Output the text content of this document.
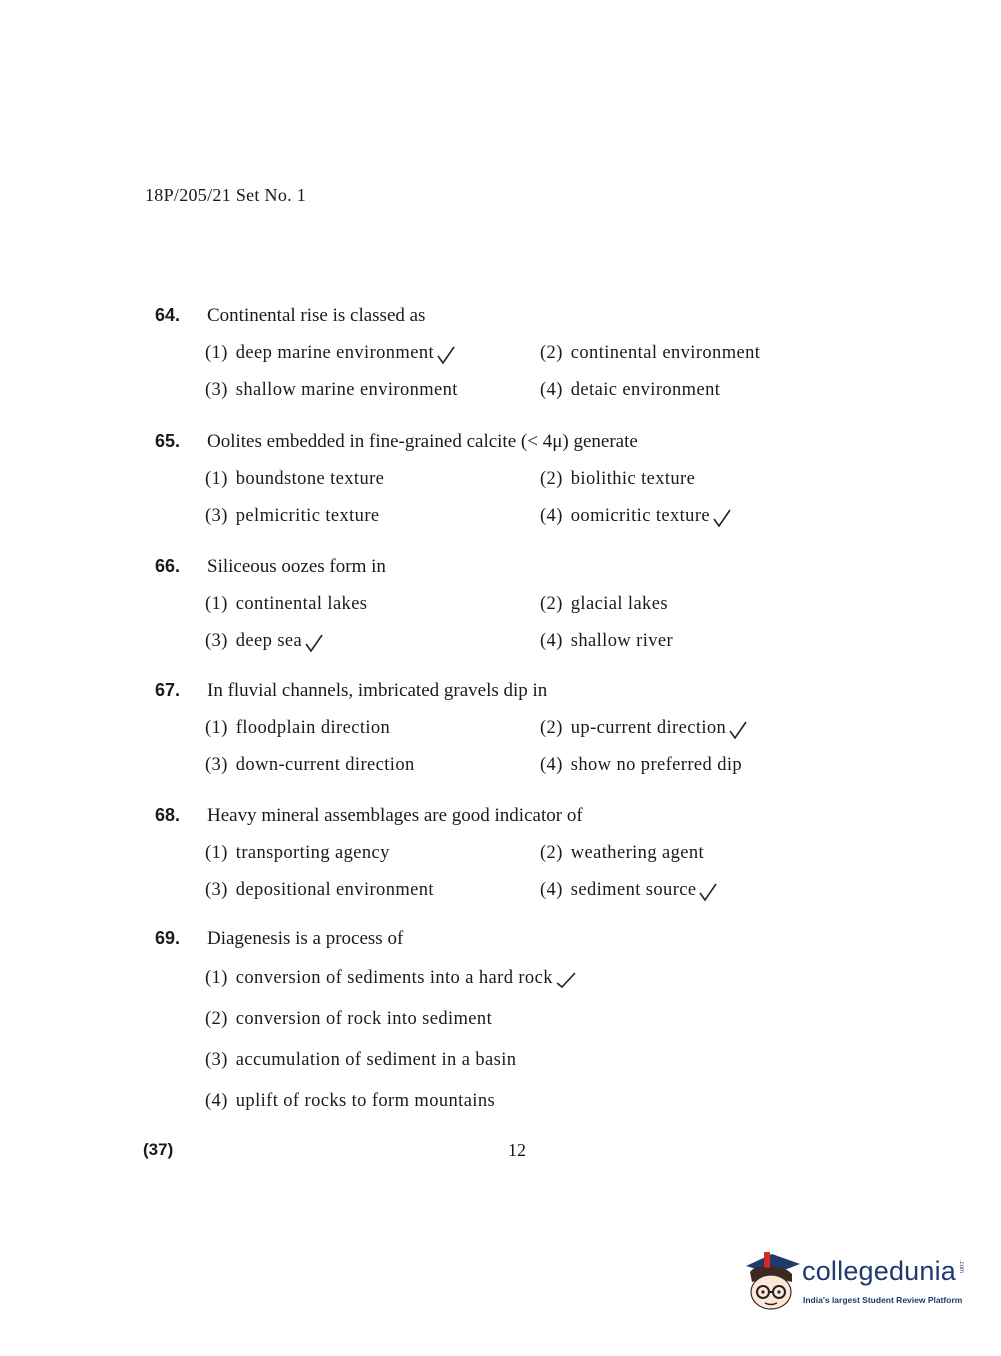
18P/205/21 Set No. 1
64. Continental rise is classed as
(1) deep marine environment	(2) continental environment
(3) shallow marine environment	(4) detaic environment
65. Oolites embedded in fine-grained calcite (< 4μ) generate
(1) boundstone texture	(2) biolithic texture
(3) pelmicritic texture	(4) oomicritic texture
66. Siliceous oozes form in
(1) continental lakes	(2) glacial lakes
(3) deep sea	(4) shallow river
67. In fluvial channels, imbricated gravels dip in
(1) floodplain direction	(2) up-current direction
(3) down-current direction	(4) show no preferred dip
68. Heavy mineral assemblages are good indicator of
(1) transporting agency	(2) weathering agent
(3) depositional environment	(4) sediment source
69. Diagenesis is a process of
(1) conversion of sediments into a hard rock
(2) conversion of rock into sediment
(3) accumulation of sediment in a basin
(4) uplift of rocks to form mountains
(37)	12
collegedunia .com
India's largest Student Review Platform
